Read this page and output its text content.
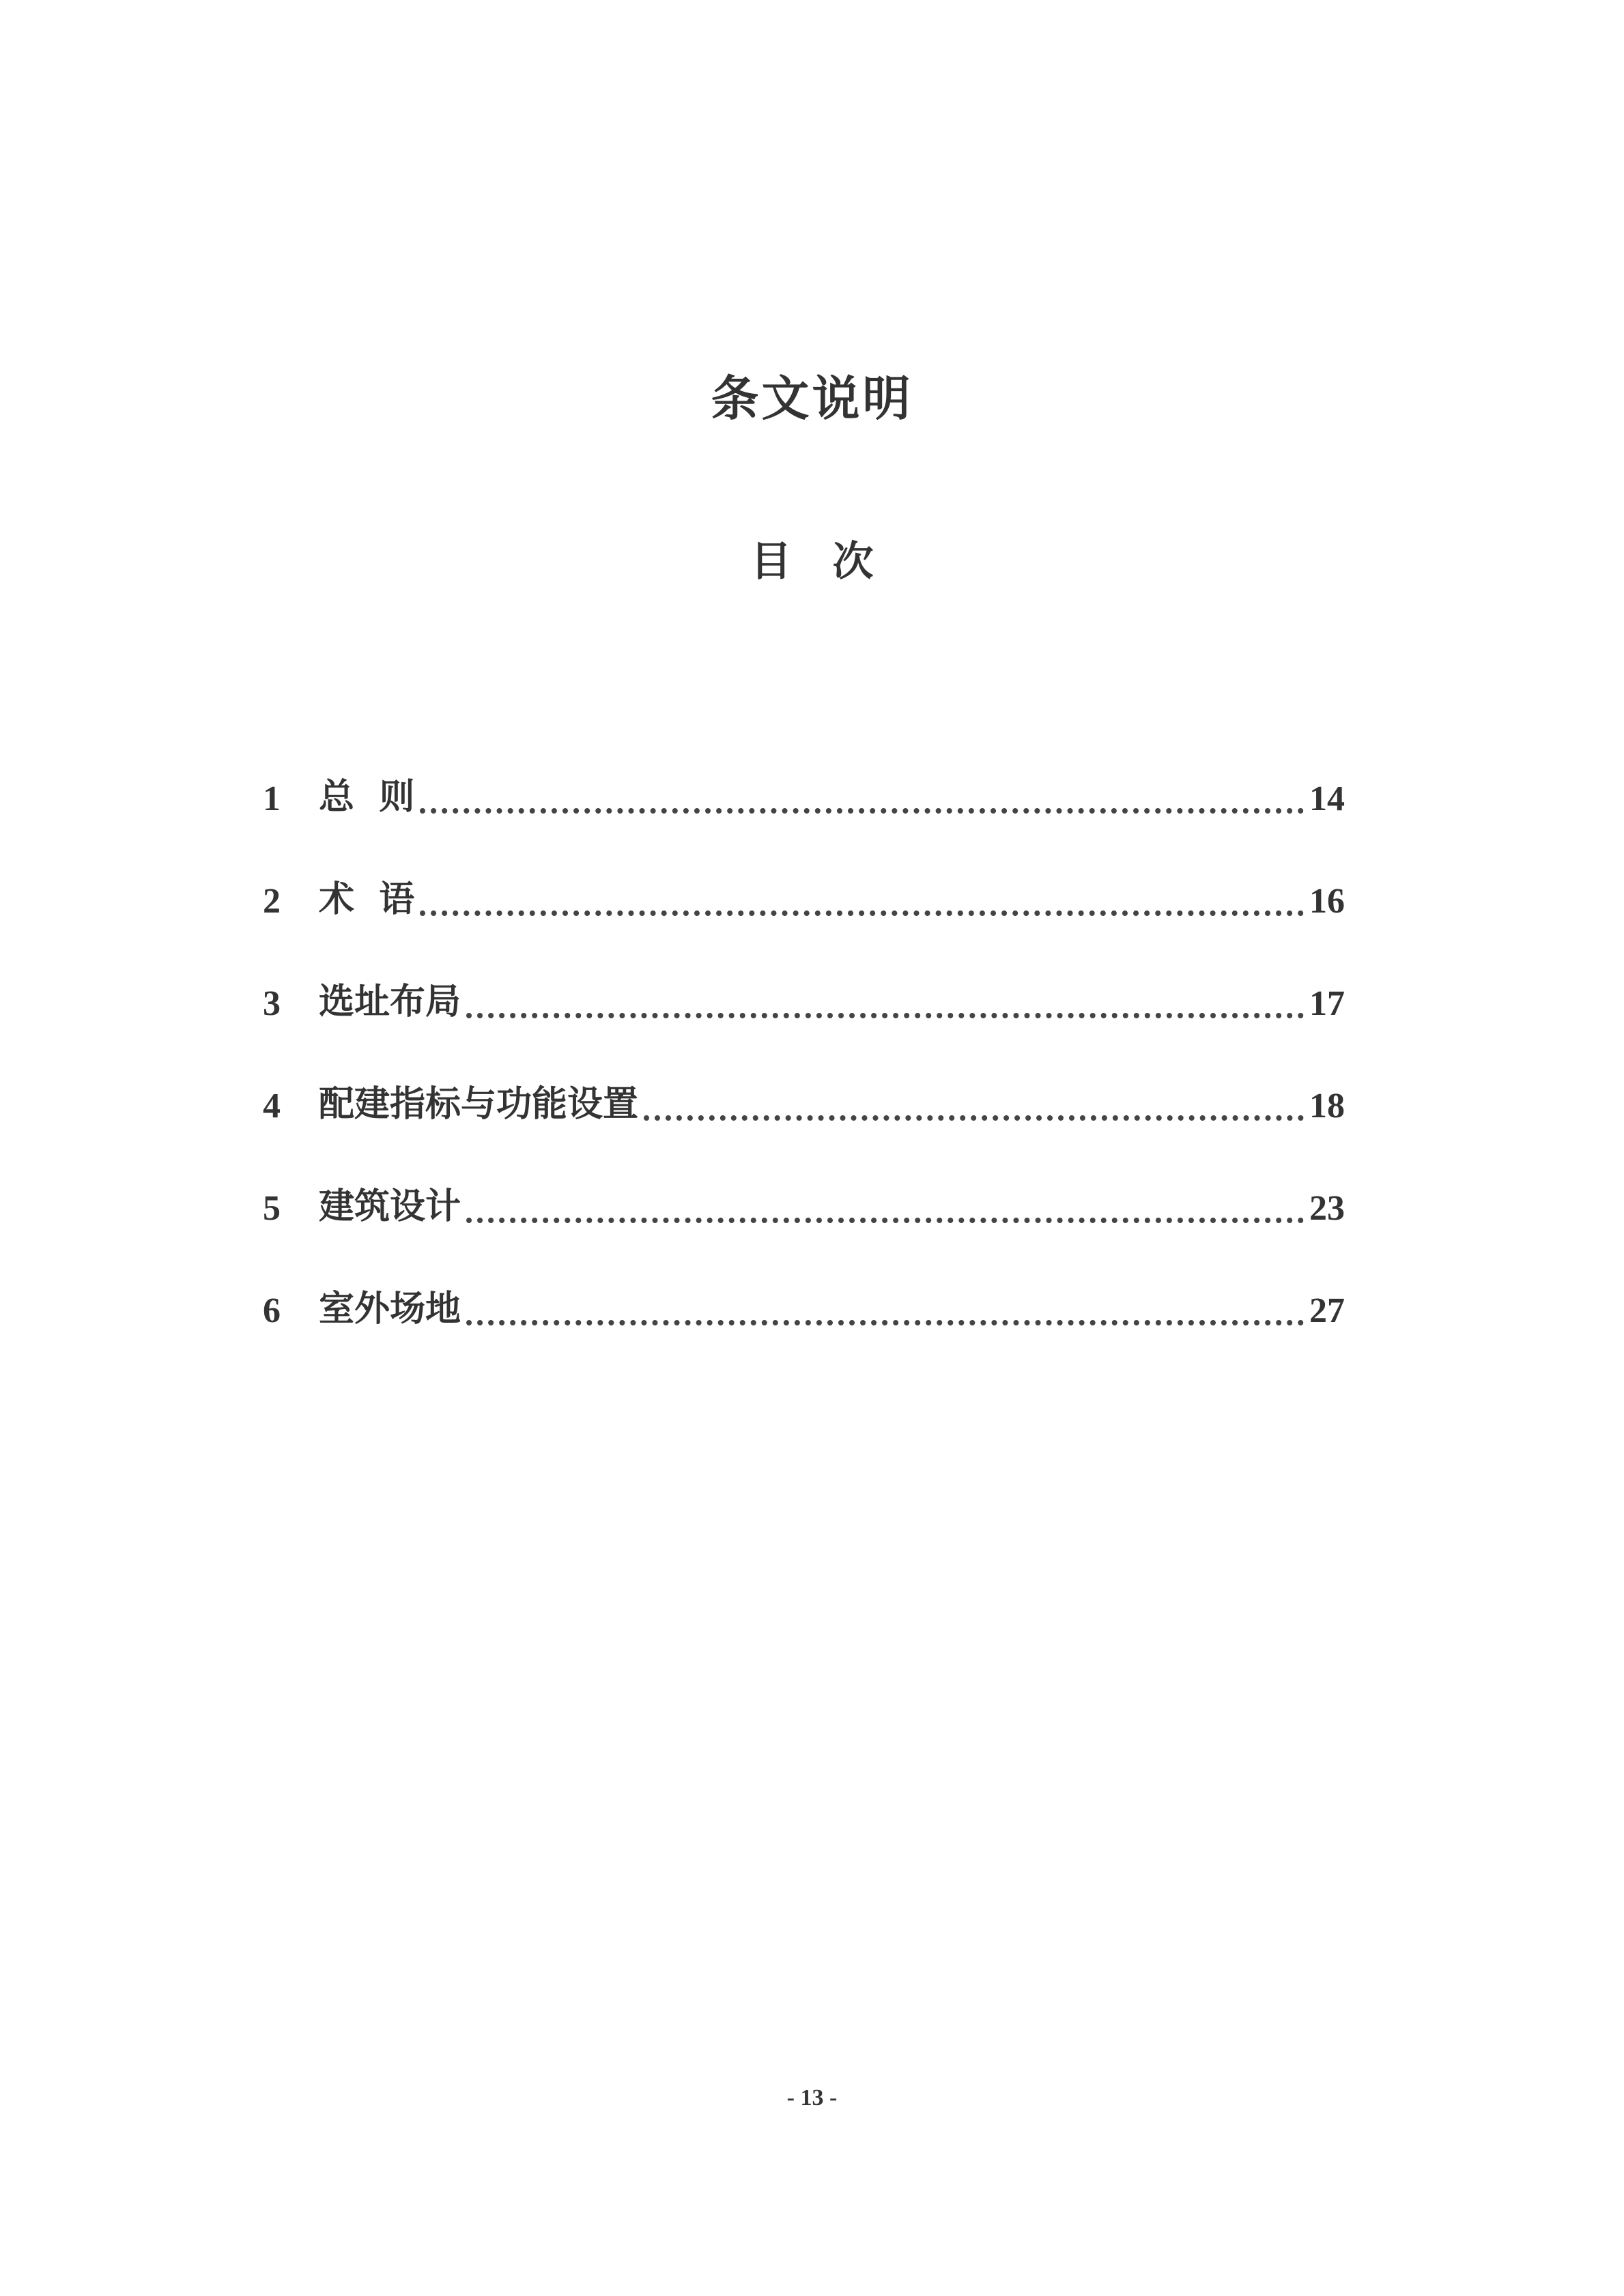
条文说明
目 次
1	总  则	14
2	术  语	16
3	选址布局	17
4	配建指标与功能设置	18
5	建筑设计	23
6	室外场地	27
- 13 -
